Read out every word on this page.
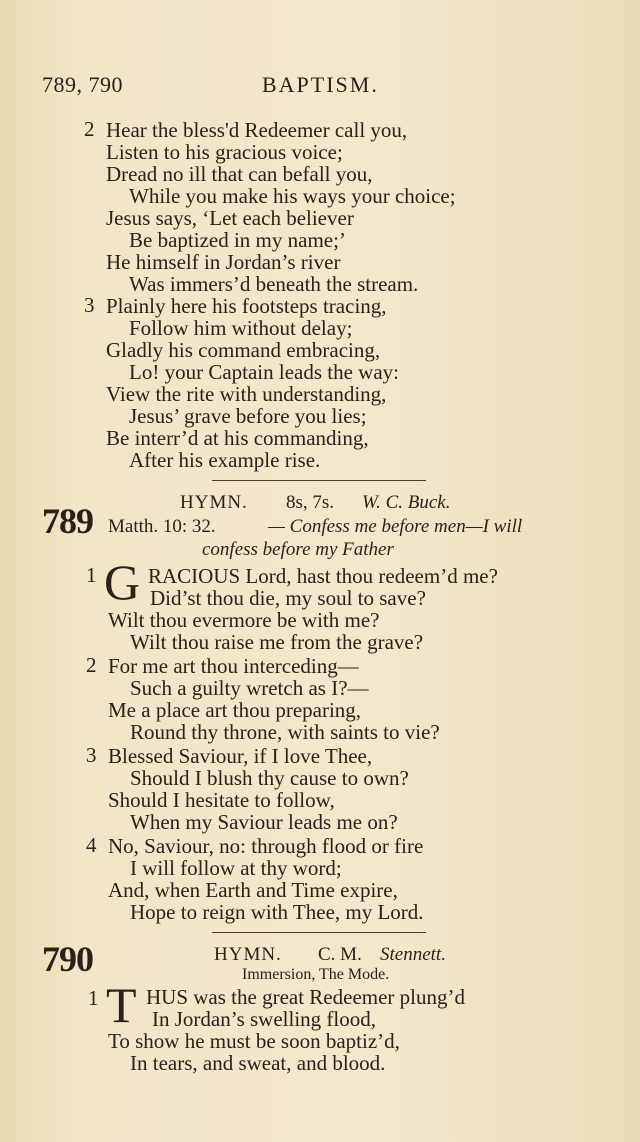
789, 790	BAPTISM.
2 Hear the bless'd Redeemer call you,
Listen to his gracious voice;
Dread no ill that can befall you,
While you make his ways your choice;
Jesus says, ‘Let each believer
Be baptized in my name;’
He himself in Jordan’s river
Was immers’d beneath the stream.
3 Plainly here his footsteps tracing,
Follow him without delay;
Gladly his command embracing,
Lo! your Captain leads the way:
View the rite with understanding,
Jesus’ grave before you lies;
Be interr’d at his commanding,
After his example rise.
789	HYMN. 8s, 7s. W. C. Buck.
Matth. 10: 32.	— Confess me before men—I will
confess before my Father
1 G RACIOUS Lord, hast thou redeem’d me?
Did’st thou die, my soul to save?
Wilt thou evermore be with me?
Wilt thou raise me from the grave?
2 For me art thou interceding—
Such a guilty wretch as I?—
Me a place art thou preparing,
Round thy throne, with saints to vie?
3 Blessed Saviour, if I love Thee,
Should I blush thy cause to own?
Should I hesitate to follow,
When my Saviour leads me on?
4 No, Saviour, no: through flood or fire
I will follow at thy word;
And, when Earth and Time expire,
Hope to reign with Thee, my Lord.
790	HYMN. C. M. Stennett.
Immersion, The Mode.
1 T HUS was the great Redeemer plung’d
In Jordan’s swelling flood,
To show he must be soon baptiz’d,
In tears, and sweat, and blood.
